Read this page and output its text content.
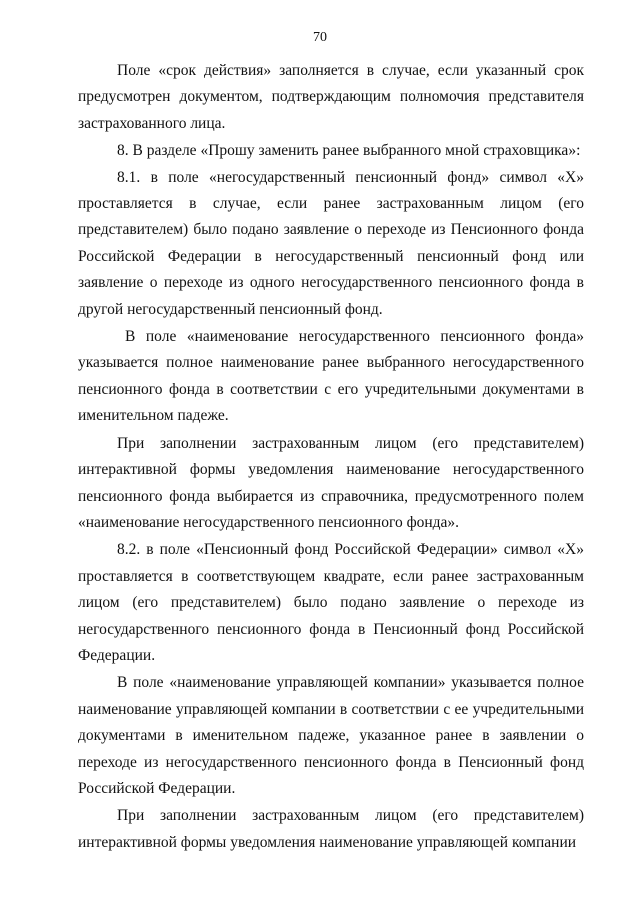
70

Поле «срок действия» заполняется в случае, если указанный срок предусмотрен документом, подтверждающим полномочия представителя застрахованного лица.

8. В разделе «Прошу заменить ранее выбранного мной страховщика»:

8.1. в поле «негосударственный пенсионный фонд» символ «X» проставляется в случае, если ранее застрахованным лицом (его представителем) было подано заявление о переходе из Пенсионного фонда Российской Федерации в негосударственный пенсионный фонд или заявление о переходе из одного негосударственного пенсионного фонда в другой негосударственный пенсионный фонд.

В поле «наименование негосударственного пенсионного фонда» указывается полное наименование ранее выбранного негосударственного пенсионного фонда в соответствии с его учредительными документами в именительном падеже.

При заполнении застрахованным лицом (его представителем) интерактивной формы уведомления наименование негосударственного пенсионного фонда выбирается из справочника, предусмотренного полем «наименование негосударственного пенсионного фонда».

8.2. в поле «Пенсионный фонд Российской Федерации» символ «X» проставляется в соответствующем квадрате, если ранее застрахованным лицом (его представителем) было подано заявление о переходе из негосударственного пенсионного фонда в Пенсионный фонд Российской Федерации.

В поле «наименование управляющей компании» указывается полное наименование управляющей компании в соответствии с ее учредительными документами в именительном падеже, указанное ранее в заявлении о переходе из негосударственного пенсионного фонда в Пенсионный фонд Российской Федерации.

При заполнении застрахованным лицом (его представителем) интерактивной формы уведомления наименование управляющей компании
